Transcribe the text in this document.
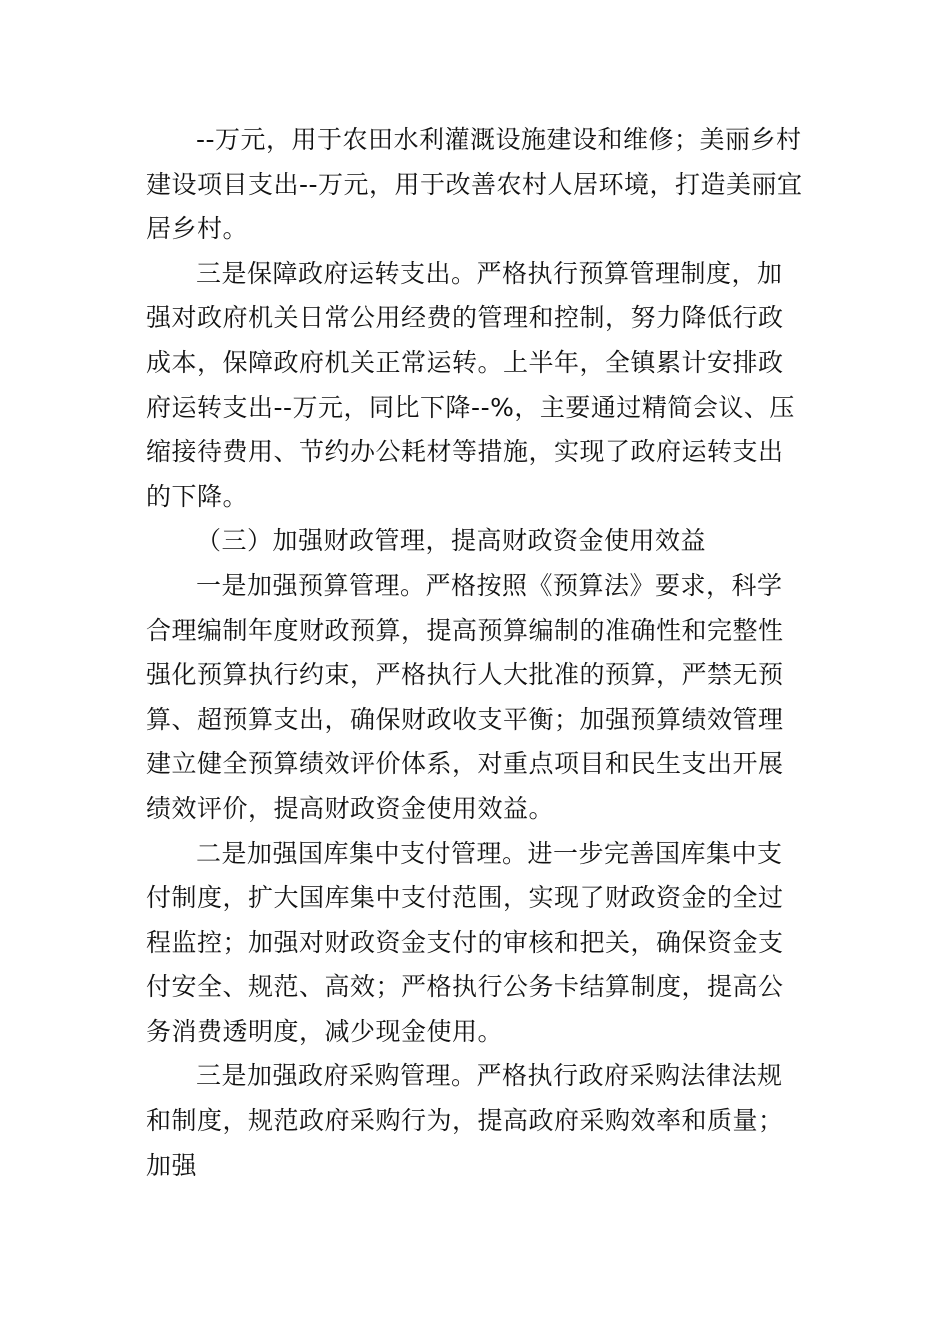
--万元，用于农田水利灌溉设施建设和维修；美丽乡村
建设项目支出--万元，用于改善农村人居环境，打造美丽宜
居乡村。
三是保障政府运转支出。严格执行预算管理制度，加
强对政府机关日常公用经费的管理和控制，努力降低行政
成本，保障政府机关正常运转。上半年，全镇累计安排政
府运转支出--万元，同比下降--%，主要通过精简会议、压
缩接待费用、节约办公耗材等措施，实现了政府运转支出
的下降。
（三）加强财政管理，提高财政资金使用效益
一是加强预算管理。严格按照《预算法》要求，科学
合理编制年度财政预算，提高预算编制的准确性和完整性
强化预算执行约束，严格执行人大批准的预算，严禁无预
算、超预算支出，确保财政收支平衡；加强预算绩效管理
建立健全预算绩效评价体系，对重点项目和民生支出开展
绩效评价，提高财政资金使用效益。
二是加强国库集中支付管理。进一步完善国库集中支
付制度，扩大国库集中支付范围，实现了财政资金的全过
程监控；加强对财政资金支付的审核和把关，确保资金支
付安全、规范、高效；严格执行公务卡结算制度，提高公
务消费透明度，减少现金使用。
三是加强政府采购管理。严格执行政府采购法律法规
和制度，规范政府采购行为，提高政府采购效率和质量；
加强
